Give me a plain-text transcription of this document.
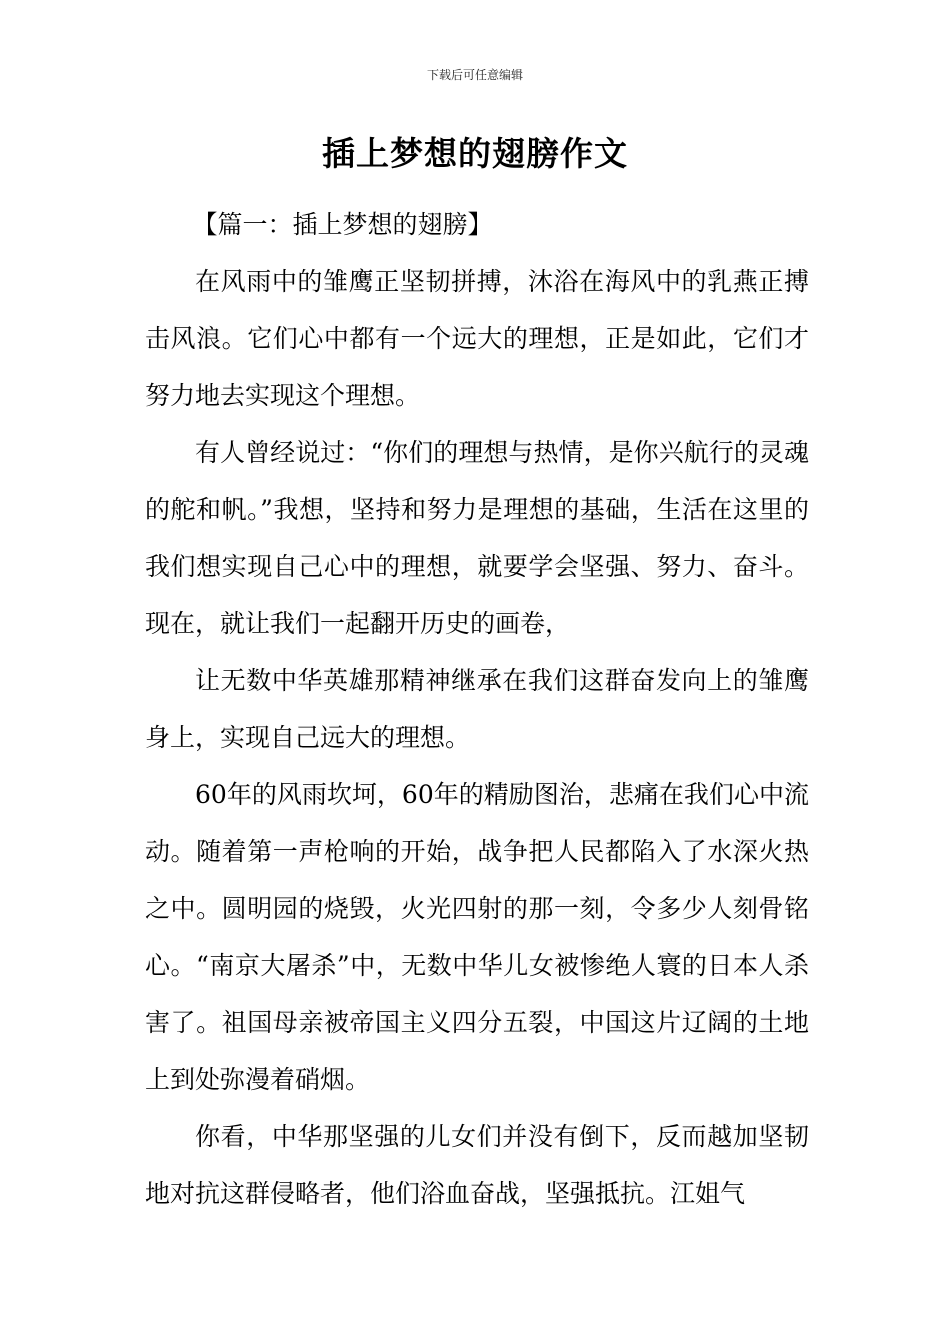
下载后可任意编辑
插上梦想的翅膀作文

【篇一：插上梦想的翅膀】

在风雨中的雏鹰正坚韧拼搏，沐浴在海风中的乳燕正搏击风浪。它们心中都有一个远大的理想，正是如此，它们才努力地去实现这个理想。

有人曾经说过：“你们的理想与热情，是你兴航行的灵魂的舵和帆。”我想，坚持和努力是理想的基础，生活在这里的我们想实现自己心中的理想，就要学会坚强、努力、奋斗。现在，就让我们一起翻开历史的画卷，

让无数中华英雄那精神继承在我们这群奋发向上的雏鹰身上，实现自己远大的理想。

60年的风雨坎坷，60年的精励图治，悲痛在我们心中流动。随着第一声枪响的开始，战争把人民都陷入了水深火热之中。圆明园的烧毁，火光四射的那一刻，令多少人刻骨铭心。“南京大屠杀”中，无数中华儿女被惨绝人寰的日本人杀害了。祖国母亲被帝国主义四分五裂，中国这片辽阔的土地上到处弥漫着硝烟。

你看，中华那坚强的儿女们并没有倒下，反而越加坚韧地对抗这群侵略者，他们浴血奋战，坚强抵抗。江姐气
